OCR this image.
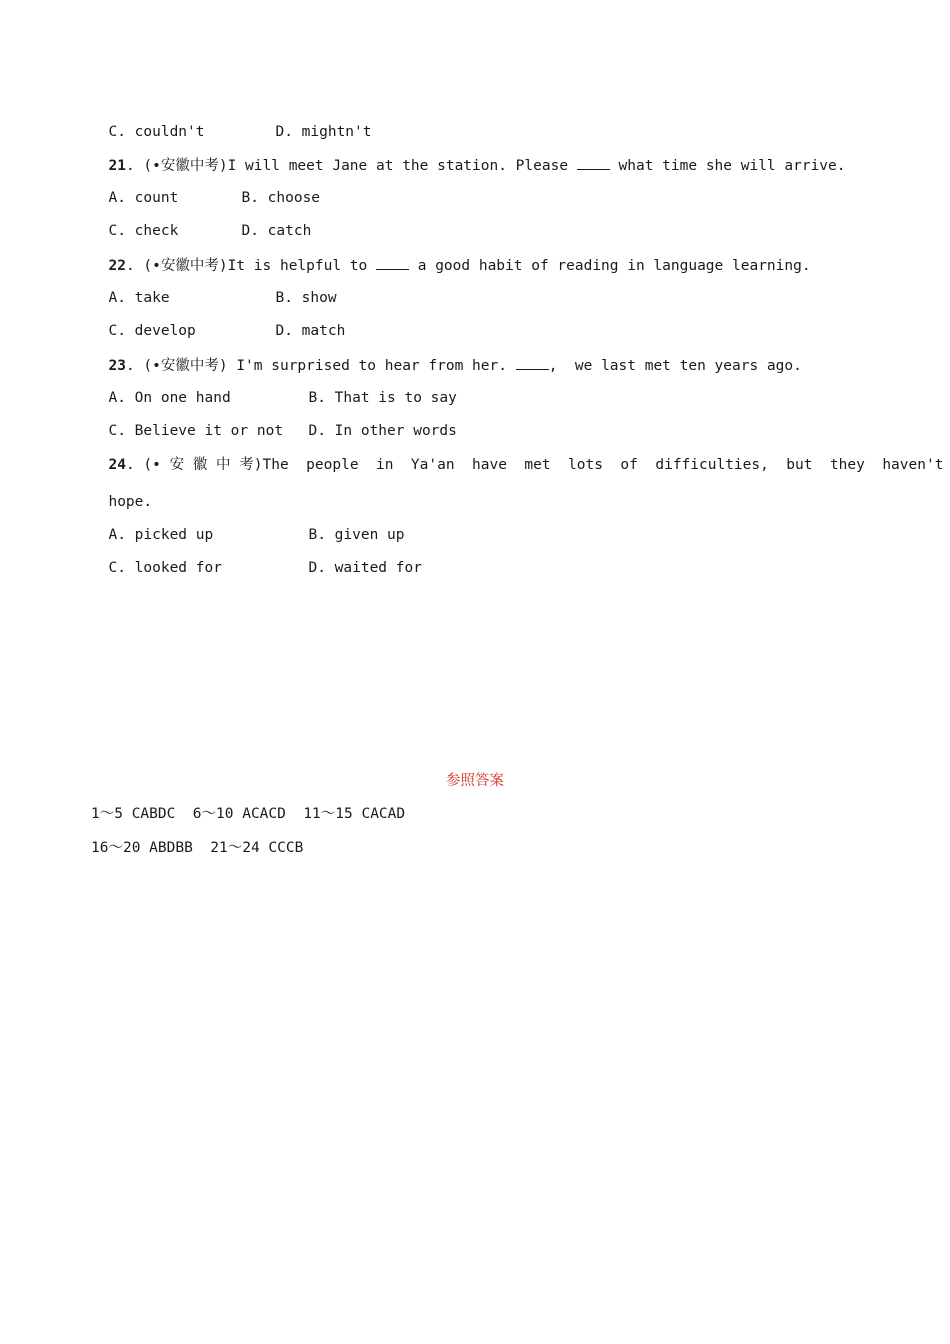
C. couldn't	D. mightn't

21. (•安徽中考)I will meet Jane at the station. Please  what time she will arrive.

A. count	B. choose

C. check	D. catch

22. (•安徽中考)It is helpful to  a good habit of reading in language learning.

A. take	B. show

C. develop	D. match

23. (•安徽中考) I'm surprised to hear from her. ,  we last met ten years ago.

A. On one hand	B. That is to say

C. Believe it or not D. In other words

24. (• 安 徽 中 考)The  people  in  Ya'an  have  met  lots  of  difficulties,  but  they  haven't

hope.

A. picked up	B. given up

C. looked for	D. waited for

参照答案
1～5 CABDC  6～10 ACACD  11～15 CACAD
16～20 ABDBB  21～24 CCCB
